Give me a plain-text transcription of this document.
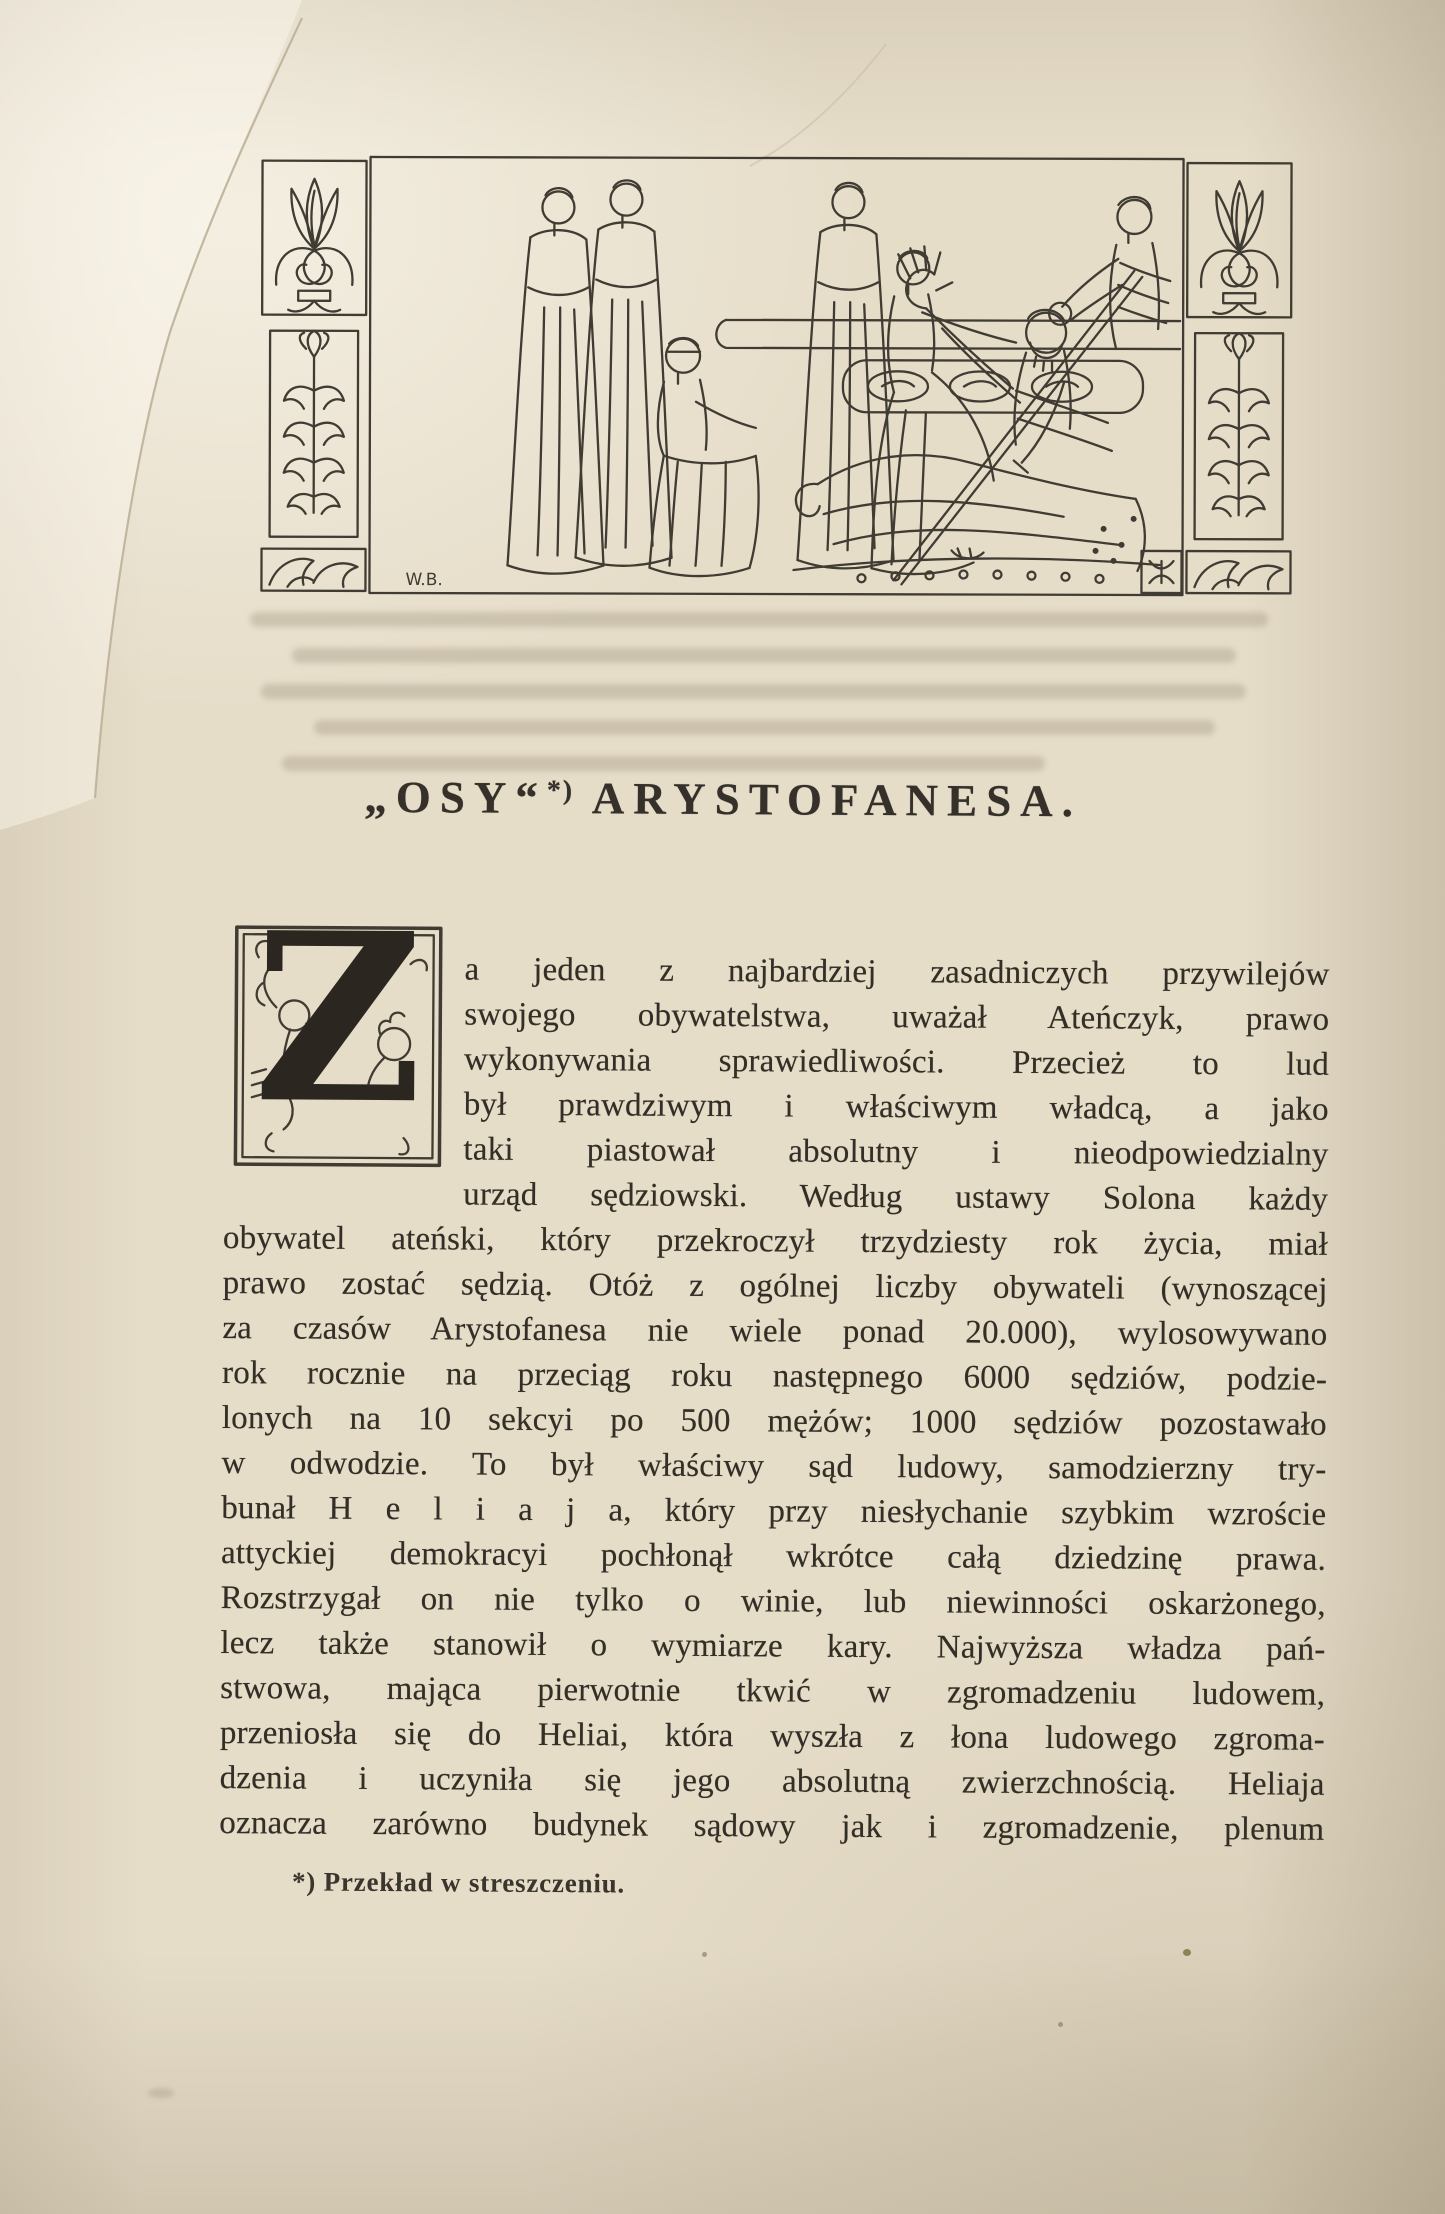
W.B.
„OSY“*) ARYSTOFANESA.
Z	a jeden z najbardziej zasadniczych przywilejów
swojego obywatelstwa, uważał Ateńczyk, prawo
wykonywania sprawiedliwości. Przecież to lud
był prawdziwym i właściwym władcą, a jako
taki piastował absolutny i nieodpowiedzialny
urząd sędziowski. Według ustawy Solona każdy
obywatel ateński, który przekroczył trzydziesty rok życia, miał
prawo zostać sędzią. Otóż z ogólnej liczby obywateli (wynoszącej
za czasów Arystofanesa nie wiele ponad 20.000), wylosowywano
rok rocznie na przeciąg roku następnego 6000 sędziów, podzie-
lonych na 10 sekcyi po 500 mężów; 1000 sędziów pozostawało
w odwodzie. To był właściwy sąd ludowy, samodzierzny try-
bunał H e l i a j a, który przy niesłychanie szybkim wzroście
attyckiej demokracyi pochłonął wkrótce całą dziedzinę prawa.
Rozstrzygał on nie tylko o winie, lub niewinności oskarżonego,
lecz także stanowił o wymiarze kary. Najwyższa władza pań-
stwowa, mająca pierwotnie tkwić w zgromadzeniu ludowem,
przeniosła się do Heliai, która wyszła z łona ludowego zgroma-
dzenia i uczyniła się jego absolutną zwierzchnością. Heliaja
oznacza zarówno budynek sądowy jak i zgromadzenie, plenum
*) Przekład w streszczeniu.
